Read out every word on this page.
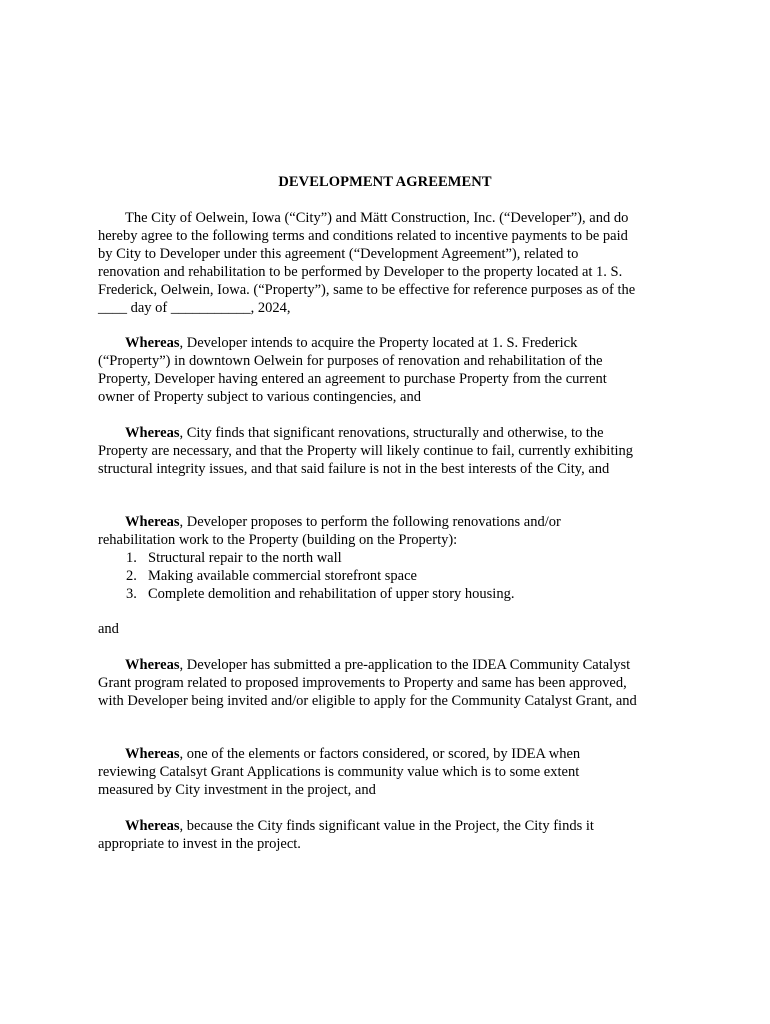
DEVELOPMENT AGREEMENT

The City of Oelwein, Iowa (“City”) and Mätt Construction, Inc. (“Developer”), and do hereby agree to the following terms and conditions related to incentive payments to be paid by City to Developer under this agreement (“Development Agreement”), related to renovation and rehabilitation to be performed by Developer to the property located at 1. S. Frederick, Oelwein, Iowa. (“Property”), same to be effective for reference purposes as of the ____ day of ___________, 2024,

Whereas, Developer intends to acquire the Property located at 1. S. Frederick (“Property”) in downtown Oelwein for purposes of renovation and rehabilitation of the Property, Developer having entered an agreement to purchase Property from the current owner of Property subject to various contingencies, and

Whereas, City finds that significant renovations, structurally and otherwise, to the Property are necessary, and that the Property will likely continue to fail, currently exhibiting structural integrity issues, and that said failure is not in the best interests of the City, and

Whereas, Developer proposes to perform the following renovations and/or rehabilitation work to the Property (building on the Property):

1. Structural repair to the north wall
2. Making available commercial storefront space
3. Complete demolition and rehabilitation of upper story housing.

and

Whereas, Developer has submitted a pre-application to the IDEA Community Catalyst Grant program related to proposed improvements to Property and same has been approved, with Developer being invited and/or eligible to apply for the Community Catalyst Grant, and

Whereas, one of the elements or factors considered, or scored, by IDEA when reviewing Catalsyt Grant Applications is community value which is to some extent measured by City investment in the project, and

Whereas, because the City finds significant value in the Project, the City finds it appropriate to invest in the project.
